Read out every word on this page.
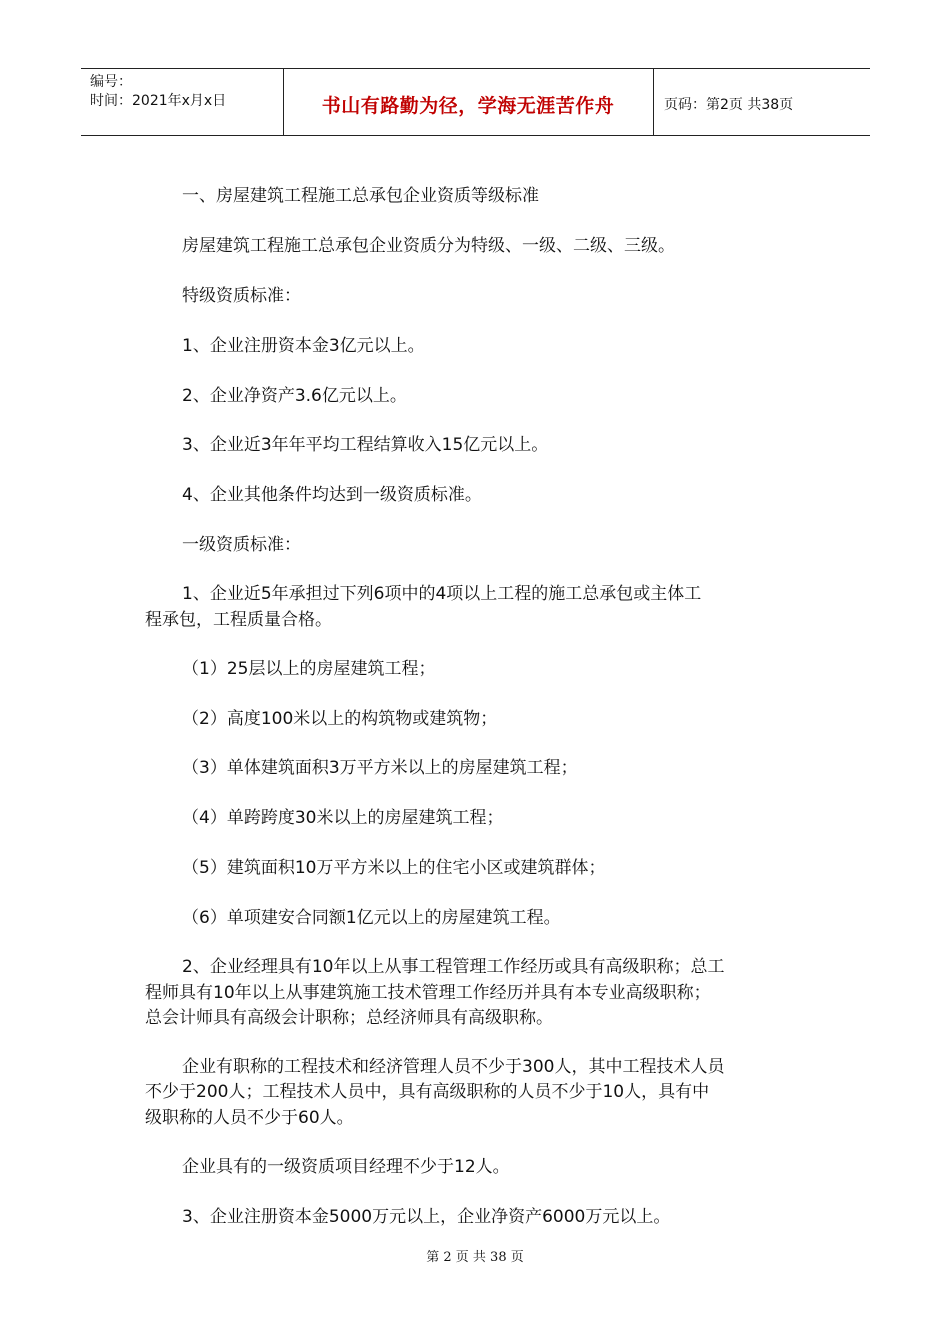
编号：
时间：2021年x月x日	书山有路勤为径，学海无涯苦作舟	页码：第2页 共38页
一、房屋建筑工程施工总承包企业资质等级标准
房屋建筑工程施工总承包企业资质分为特级、一级、二级、三级。
特级资质标准：
1、企业注册资本金3亿元以上。
2、企业净资产3.6亿元以上。
3、企业近3年年平均工程结算收入15亿元以上。
4、企业其他条件均达到一级资质标准。
一级资质标准：
1、企业近5年承担过下列6项中的4项以上工程的施工总承包或主体工
程承包，工程质量合格。
（1）25层以上的房屋建筑工程；
（2）高度100米以上的构筑物或建筑物；
（3）单体建筑面积3万平方米以上的房屋建筑工程；
（4）单跨跨度30米以上的房屋建筑工程；
（5）建筑面积10万平方米以上的住宅小区或建筑群体；
（6）单项建安合同额1亿元以上的房屋建筑工程。
2、企业经理具有10年以上从事工程管理工作经历或具有高级职称；总工
程师具有10年以上从事建筑施工技术管理工作经历并具有本专业高级职称；
总会计师具有高级会计职称；总经济师具有高级职称。
企业有职称的工程技术和经济管理人员不少于300人，其中工程技术人员
不少于200人；工程技术人员中，具有高级职称的人员不少于10人，具有中
级职称的人员不少于60人。
企业具有的一级资质项目经理不少于12人。
3、企业注册资本金5000万元以上，企业净资产6000万元以上。
第 2 页 共 38 页
